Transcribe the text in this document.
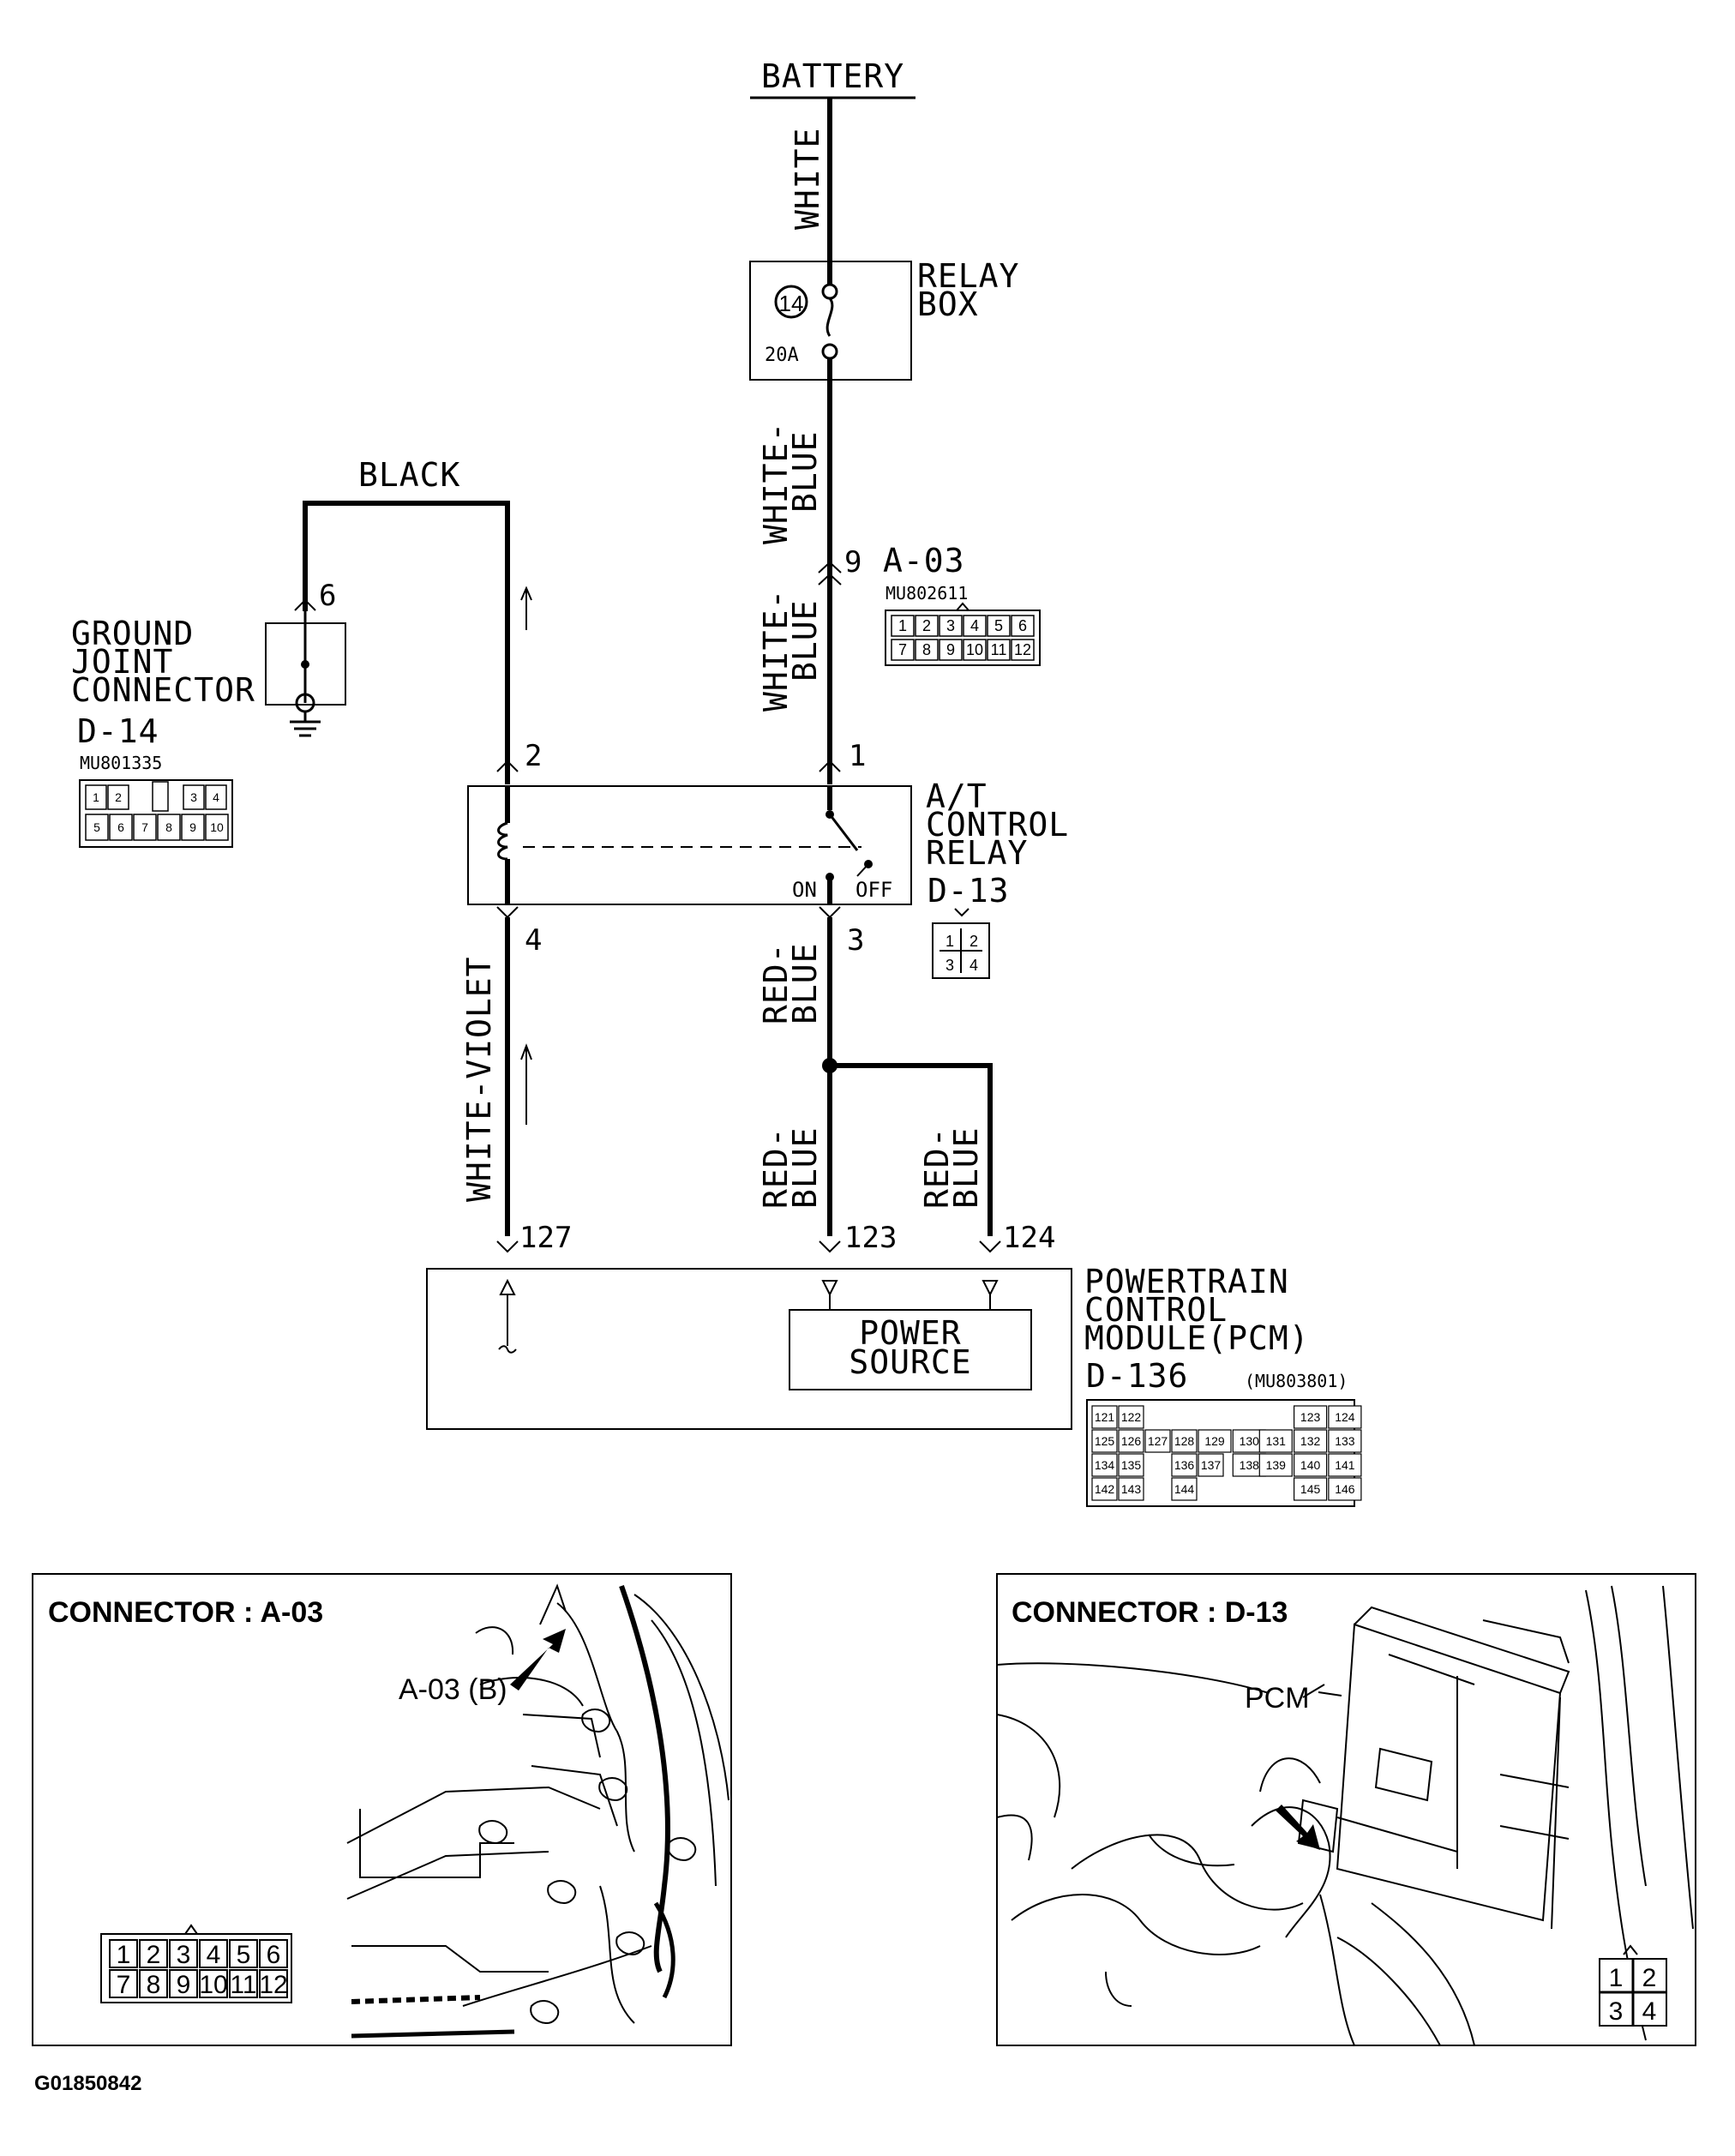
BATTERY
WHITE
14
20A
RELAY
BOX
WHITE-
BLUE
9 A-03
MU802611
WHITE-
BLUE
BLACK
6
GROUND
JOINT
CONNECTOR
D-14
MU801335	2	1
4	3
ON OFF
A/T
CONTROL
RELAY
D-13
WHITE-VIOLET	RED-
BLUE
RED-
BLUE	RED-
BLUE
127	123	124
POWER
SOURCE
POWERTRAIN
CONTROL
MODULE(PCM)
D-136	(MU803801)
CONNECTOR : A-03
A-03 (B)
CONNECTOR : D-13
PCM
G01850842
1 2 3 4 5 6
7 8 9 10 11 12
1 2	3 4
5 6 7 8 9 10
1 2
3 4
121 122	123 124
125 126 127 128 129 130 131 132 133
134 135	136 137 138 139 140 141
142 143	144	145 146
1 2 3 4 5 6
7 8 9 10 11 12	1 2
3 4
